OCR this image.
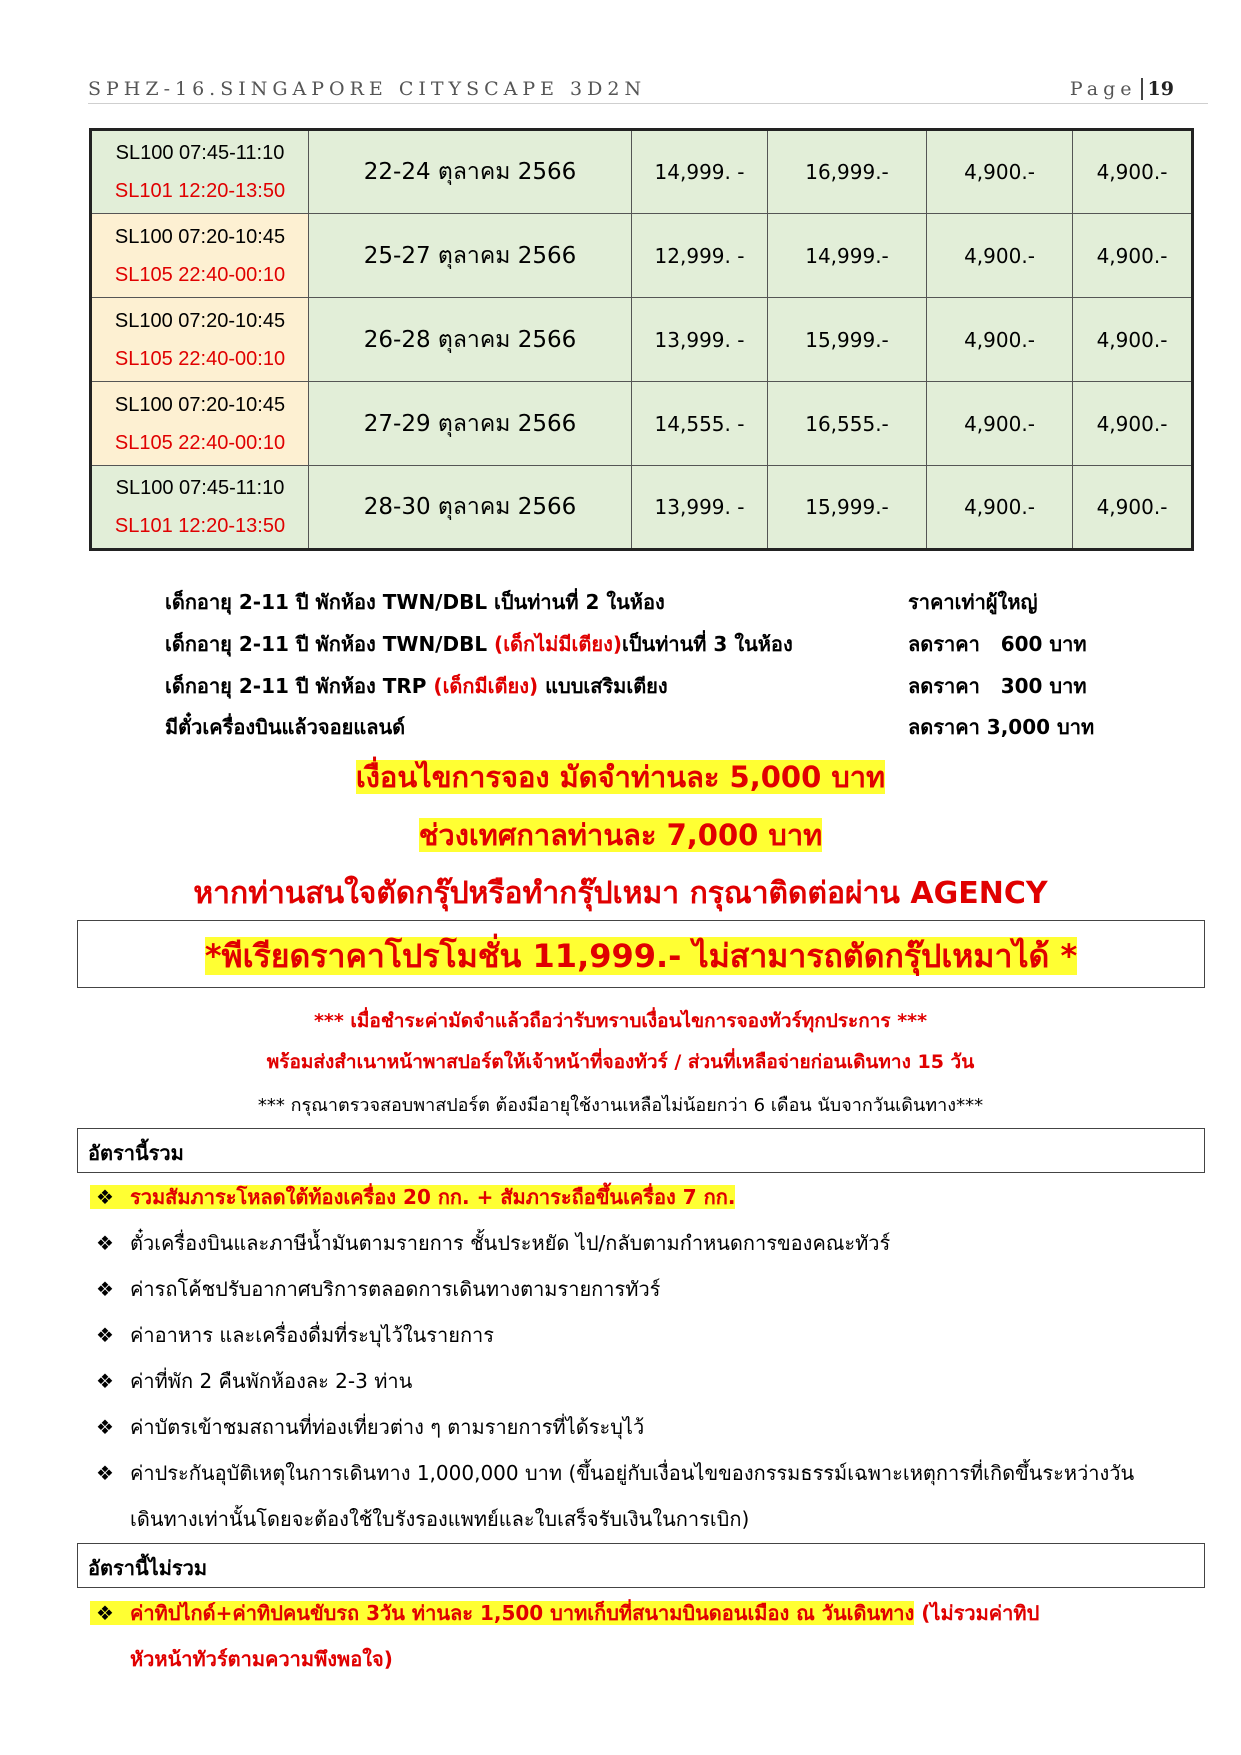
SPHZ-16.SINGAPORE CITYSCAPE 3D2N	Page 19
SL100 07:45-11:10
SL101 12:20-13:50	22-24 ตุลาคม 2566	14,999. -	16,999.-	4,900.-	4,900.-

SL100 07:20-10:45
SL105 22:40-00:10	25-27 ตุลาคม 2566	12,999. -	14,999.-	4,900.-	4,900.-

SL100 07:20-10:45
SL105 22:40-00:10	26-28 ตุลาคม 2566	13,999. -	15,999.-	4,900.-	4,900.-

SL100 07:20-10:45
SL105 22:40-00:10	27-29 ตุลาคม 2566	14,555. -	16,555.-	4,900.-	4,900.-

SL100 07:45-11:10
SL101 12:20-13:50	28-30 ตุลาคม 2566	13,999. -	15,999.-	4,900.-	4,900.-
เด็กอายุ 2-11 ปี พักห้อง TWN/DBL เป็นท่านที่ 2 ในห้อง	ราคาเท่าผู้ใหญ่
เด็กอายุ 2-11 ปี พักห้อง TWN/DBL (เด็กไม่มีเตียง)เป็นท่านที่ 3 ในห้อง	ลดราคา   600 บาท
เด็กอายุ 2-11 ปี พักห้อง TRP (เด็กมีเตียง) แบบเสริมเตียง	ลดราคา   300 บาท
มีตั๋วเครื่องบินแล้วจอยแลนด์	ลดราคา 3,000 บาท
เงื่อนไขการจอง มัดจำท่านละ 5,000 บาท
ช่วงเทศกาลท่านละ 7,000 บาท
หากท่านสนใจตัดกรุ๊ปหรือทำกรุ๊ปเหมา กรุณาติดต่อผ่าน AGENCY
*พีเรียดราคาโปรโมชั่น 11,999.- ไม่สามารถตัดกรุ๊ปเหมาได้ *
*** เมื่อชำระค่ามัดจำแล้วถือว่ารับทราบเงื่อนไขการจองทัวร์ทุกประการ ***
พร้อมส่งสำเนาหน้าพาสปอร์ตให้เจ้าหน้าที่จองทัวร์ / ส่วนที่เหลือจ่ายก่อนเดินทาง 15 วัน
*** กรุณาตรวจสอบพาสปอร์ต ต้องมีอายุใช้งานเหลือไม่น้อยกว่า 6 เดือน นับจากวันเดินทาง***
อัตรานี้รวม
❖ รวมสัมภาระโหลดใต้ท้องเครื่อง 20 กก. + สัมภาระถือขึ้นเครื่อง 7 กก.
❖ ตั๋วเครื่องบินและภาษีน้ำมันตามรายการ ชั้นประหยัด ไป/กลับตามกำหนดการของคณะทัวร์
❖ ค่ารถโค้ชปรับอากาศบริการตลอดการเดินทางตามรายการทัวร์
❖ ค่าอาหาร และเครื่องดื่มที่ระบุไว้ในรายการ
❖ ค่าที่พัก 2 คืนพักห้องละ 2-3 ท่าน
❖ ค่าบัตรเข้าชมสถานที่ท่องเที่ยวต่าง ๆ ตามรายการที่ได้ระบุไว้
❖ ค่าประกันอุบัติเหตุในการเดินทาง 1,000,000 บาท (ขึ้นอยู่กับเงื่อนไขของกรรมธรรม์เฉพาะเหตุการที่เกิดขึ้นระหว่างวัน
เดินทางเท่านั้นโดยจะต้องใช้ใบรังรองแพทย์และใบเสร็จรับเงินในการเบิก)
อัตรานี้ไม่รวม
❖ ค่าทิปไกด์+ค่าทิปคนขับรถ 3วัน ท่านละ 1,500 บาทเก็บที่สนามบินดอนเมือง ณ วันเดินทาง (ไม่รวมค่าทิป
หัวหน้าทัวร์ตามความพึงพอใจ)
